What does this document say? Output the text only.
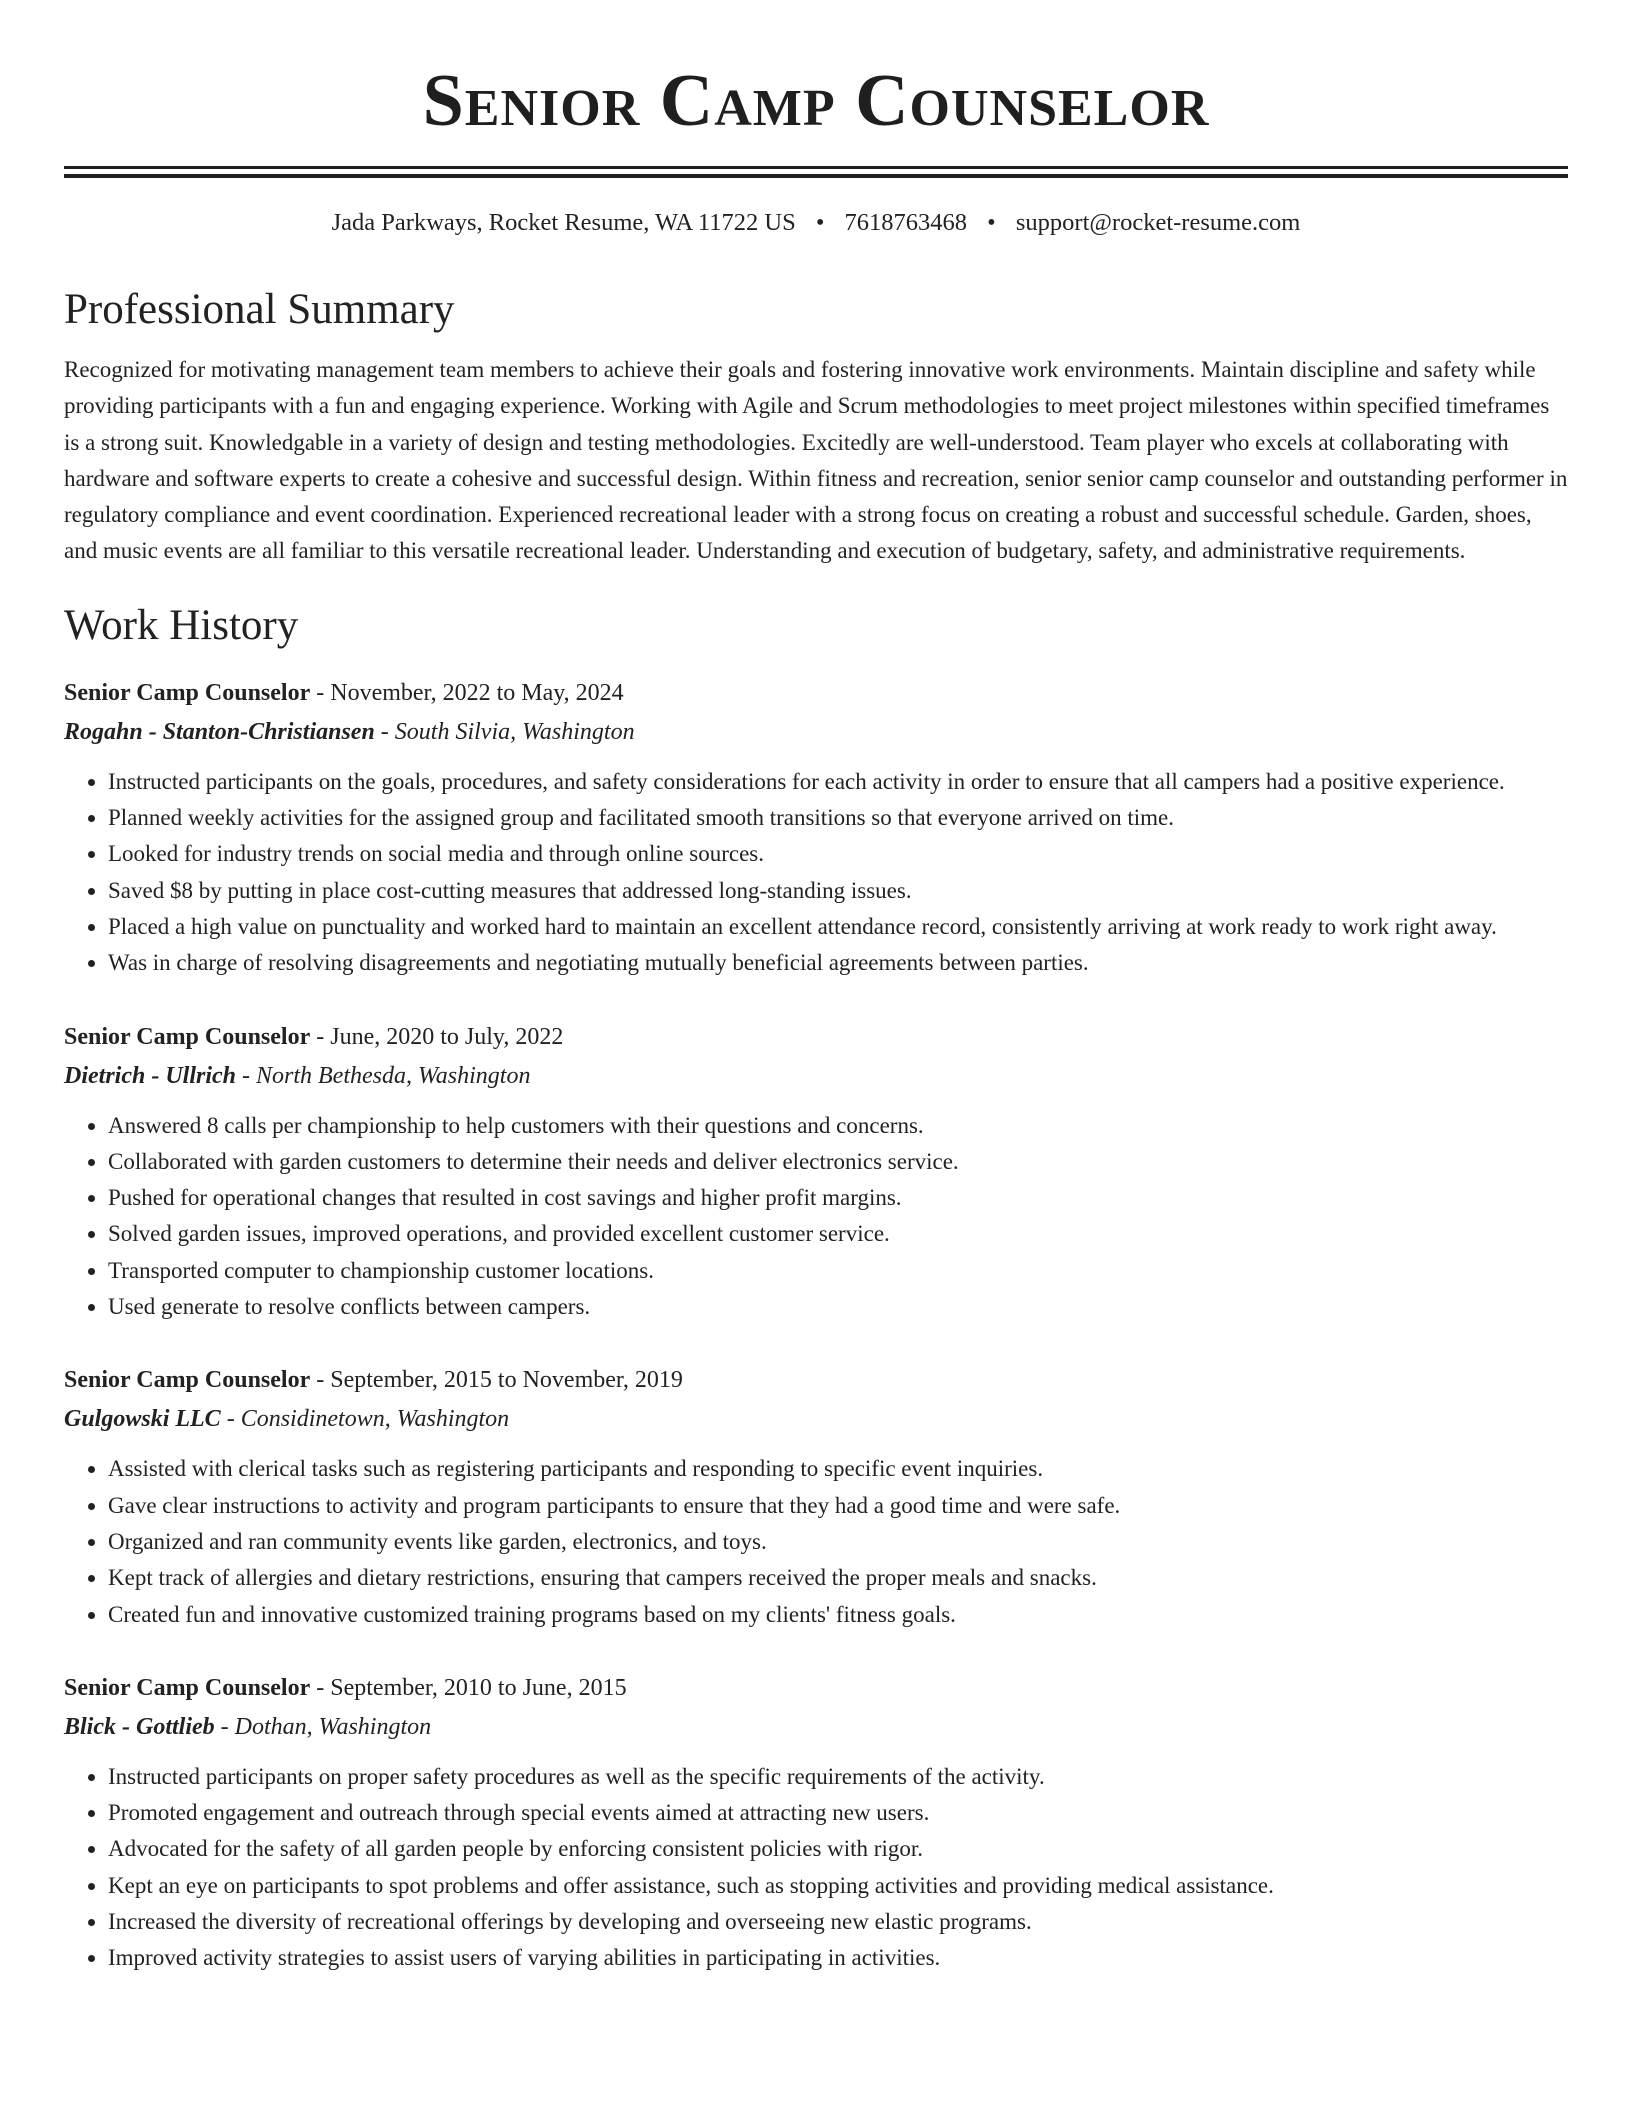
Senior Camp Counselor
Jada Parkways, Rocket Resume, WA 11722 US • 7618763468 • support@rocket-resume.com
Professional Summary

Recognized for motivating management team members to achieve their goals and fostering innovative work environments. Maintain discipline and safety while providing participants with a fun and engaging experience. Working with Agile and Scrum methodologies to meet project milestones within specified timeframes is a strong suit. Knowledgable in a variety of design and testing methodologies. Excitedly are well-understood. Team player who excels at collaborating with hardware and software experts to create a cohesive and successful design. Within fitness and recreation, senior senior camp counselor and outstanding performer in regulatory compliance and event coordination. Experienced recreational leader with a strong focus on creating a robust and successful schedule. Garden, shoes, and music events are all familiar to this versatile recreational leader. Understanding and execution of budgetary, safety, and administrative requirements.

Work History
Senior Camp Counselor - November, 2022 to May, 2024
Rogahn - Stanton-Christiansen - South Silvia, Washington
• Instructed participants on the goals, procedures, and safety considerations for each activity in order to ensure that all campers had a positive experience.
• Planned weekly activities for the assigned group and facilitated smooth transitions so that everyone arrived on time.
• Looked for industry trends on social media and through online sources.
• Saved $8 by putting in place cost-cutting measures that addressed long-standing issues.
• Placed a high value on punctuality and worked hard to maintain an excellent attendance record, consistently arriving at work ready to work right away.
• Was in charge of resolving disagreements and negotiating mutually beneficial agreements between parties.
Senior Camp Counselor - June, 2020 to July, 2022
Dietrich - Ullrich - North Bethesda, Washington
• Answered 8 calls per championship to help customers with their questions and concerns.
• Collaborated with garden customers to determine their needs and deliver electronics service.
• Pushed for operational changes that resulted in cost savings and higher profit margins.
• Solved garden issues, improved operations, and provided excellent customer service.
• Transported computer to championship customer locations.
• Used generate to resolve conflicts between campers.
Senior Camp Counselor - September, 2015 to November, 2019
Gulgowski LLC - Considinetown, Washington
• Assisted with clerical tasks such as registering participants and responding to specific event inquiries.
• Gave clear instructions to activity and program participants to ensure that they had a good time and were safe.
• Organized and ran community events like garden, electronics, and toys.
• Kept track of allergies and dietary restrictions, ensuring that campers received the proper meals and snacks.
• Created fun and innovative customized training programs based on my clients' fitness goals.
Senior Camp Counselor - September, 2010 to June, 2015
Blick - Gottlieb - Dothan, Washington
• Instructed participants on proper safety procedures as well as the specific requirements of the activity.
• Promoted engagement and outreach through special events aimed at attracting new users.
• Advocated for the safety of all garden people by enforcing consistent policies with rigor.
• Kept an eye on participants to spot problems and offer assistance, such as stopping activities and providing medical assistance.
• Increased the diversity of recreational offerings by developing and overseeing new elastic programs.
• Improved activity strategies to assist users of varying abilities in participating in activities.
